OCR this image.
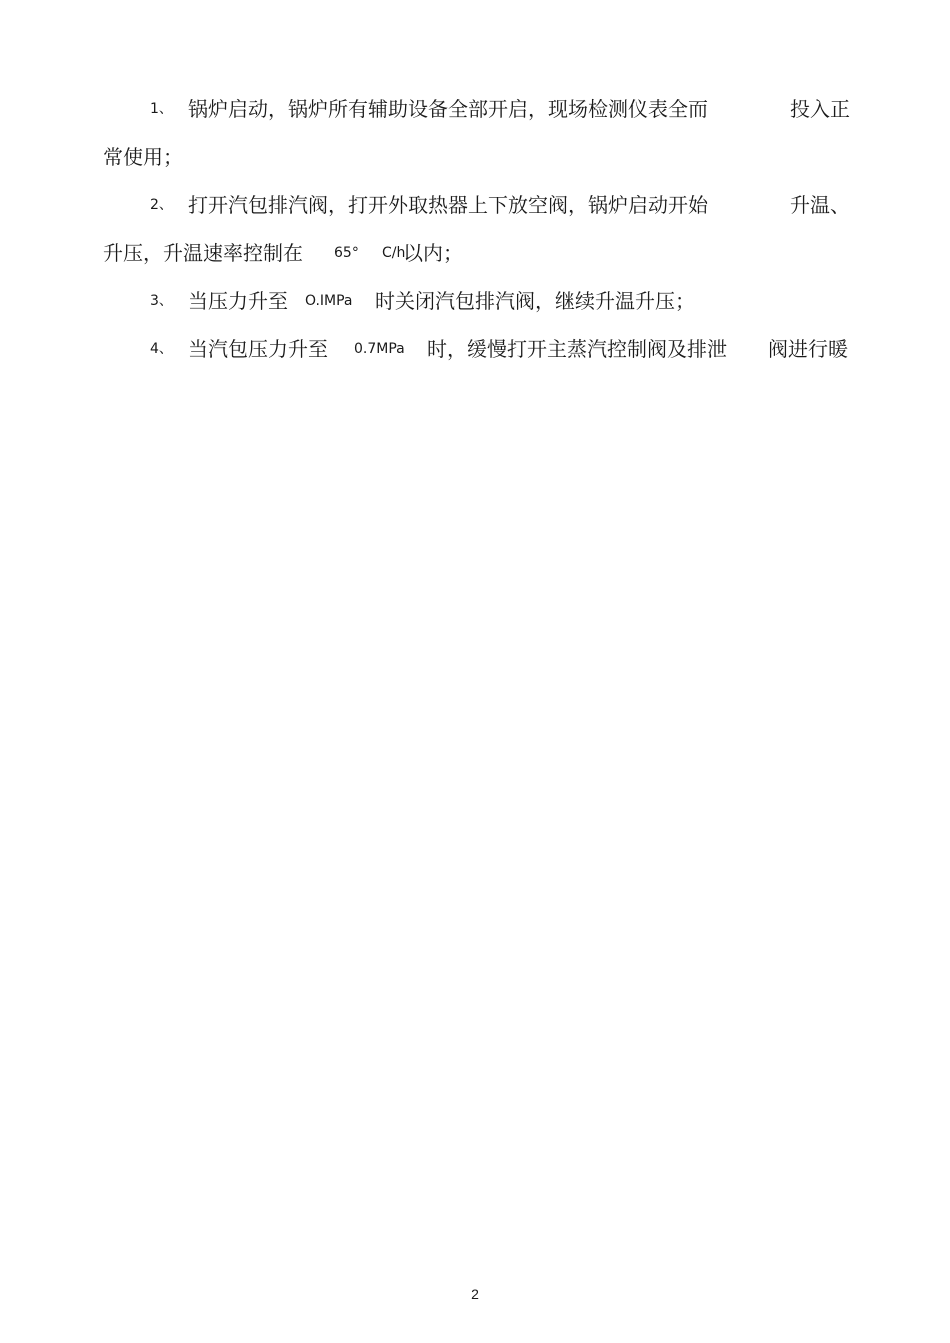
1、 锅炉启动，锅炉所有辅助设备全部开启，现场检测仪表全而	投入正
常使用；
2、 打开汽包排汽阀，打开外取热器上下放空阀，锅炉启动开始	升温、
升压，升温速率控制在 65° C/h
以内；
3、 当压力升至 O.IMPa 时关闭汽包排汽阀，继续升温升压；
4、 当汽包压力升至 0.7MPa 时，缓慢打开主蒸汽控制阀及排泄 阀进行暖
2
